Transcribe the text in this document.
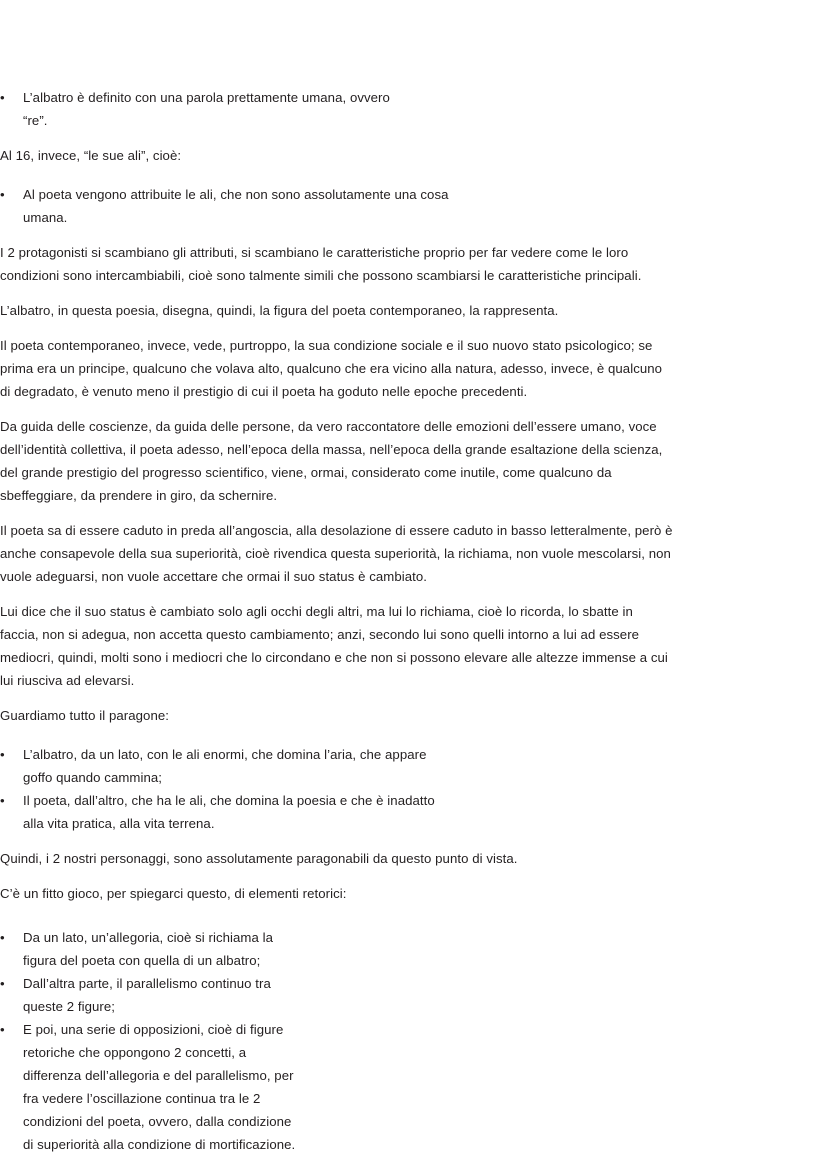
•	L’albatro è definito con una parola prettamente umana, ovvero “re”.

Al 16, invece, “le sue ali”, cioè:

•	Al poeta vengono attribuite le ali, che non sono assolutamente una cosa umana.

I 2 protagonisti si scambiano gli attributi, si scambiano le caratteristiche proprio per far vedere come le loro condizioni sono intercambiabili, cioè sono talmente simili che possono scambiarsi le caratteristiche principali.

L’albatro, in questa poesia, disegna, quindi, la figura del poeta contemporaneo, la rappresenta.

Il poeta contemporaneo, invece, vede, purtroppo, la sua condizione sociale e il suo nuovo stato psicologico; se prima era un principe, qualcuno che volava alto, qualcuno che era vicino alla natura, adesso, invece, è qualcuno di degradato, è venuto meno il prestigio di cui il poeta ha goduto nelle epoche precedenti.

Da guida delle coscienze, da guida delle persone, da vero raccontatore delle emozioni dell’essere umano, voce dell’identità collettiva, il poeta adesso, nell’epoca della massa, nell’epoca della grande esaltazione della scienza, del grande prestigio del progresso scientifico, viene, ormai, considerato come inutile, come qualcuno da sbeffeggiare, da prendere in giro, da schernire.

Il poeta sa di essere caduto in preda all’angoscia, alla desolazione di essere caduto in basso letteralmente, però è anche consapevole della sua superiorità, cioè rivendica questa superiorità, la richiama, non vuole mescolarsi, non vuole adeguarsi, non vuole accettare che ormai il suo status è cambiato.

Lui dice che il suo status è cambiato solo agli occhi degli altri, ma lui lo richiama, cioè lo ricorda, lo sbatte in faccia, non si adegua, non accetta questo cambiamento; anzi, secondo lui sono quelli intorno a lui ad essere mediocri, quindi, molti sono i mediocri che lo circondano e che non si possono elevare alle altezze immense a cui lui riusciva ad elevarsi.

Guardiamo tutto il paragone:

•	L’albatro, da un lato, con le ali enormi, che domina l’aria, che appare goffo quando cammina;
•	Il poeta, dall’altro, che ha le ali, che domina la poesia e che è inadatto alla vita pratica, alla vita terrena.

Quindi, i 2 nostri personaggi, sono assolutamente paragonabili da questo punto di vista.

C’è un fitto gioco, per spiegarci questo, di elementi retorici:

•	Da un lato, un’allegoria, cioè si richiama la figura del poeta con quella di un albatro;
•	Dall’altra parte, il parallelismo continuo tra queste 2 figure;
•	E poi, una serie di opposizioni, cioè di figure retoriche che oppongono 2 concetti, a differenza dell’allegoria e del parallelismo, per fra vedere l’oscillazione continua tra le 2 condizioni del poeta, ovvero, dalla condizione di superiorità alla condizione di mortificazione.
